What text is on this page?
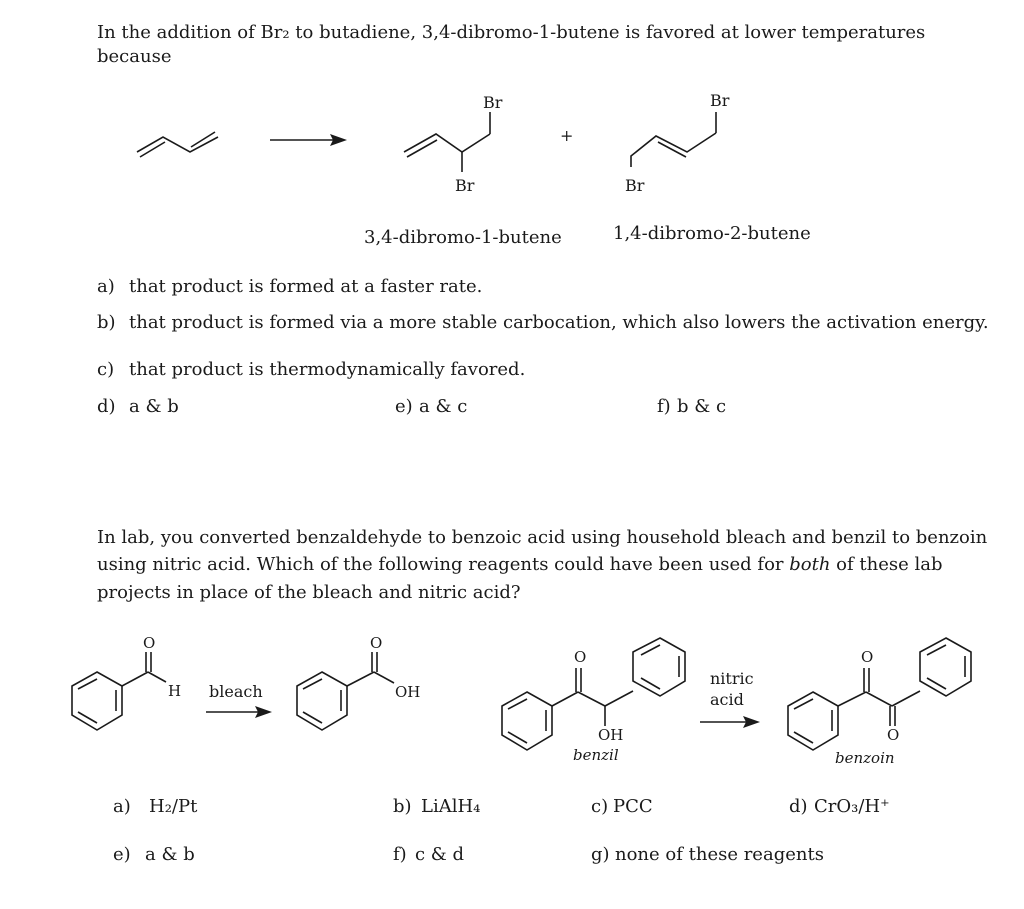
In the addition of Br₂ to butadiene, 3,4-dibromo-1-butene is favored at lower temperatures
because
Br
Br
Br
Br
+
3,4-dibromo-1-butene	1,4-dibromo-2-butene
a) that product is formed at a faster rate.
b) that product is formed via a more stable carbocation, which also lowers the activation energy.
c) that product is thermodynamically favored.
d) a & b	e) a & c	f) b & c
In lab, you converted benzaldehyde to benzoic acid using household bleach and benzil to benzoin
using nitric acid. Which of the following reagents could have been used for both of these lab
projects in place of the bleach and nitric acid?
O
H bleach
O
OH
O
OH
benzil
nitric
acid
O
O
benzoin
a) H₂/Pt	b) LiAlH₄	c) PCC	d) CrO₃/H⁺
e) a & b	f) c & d	g) none of these reagents
